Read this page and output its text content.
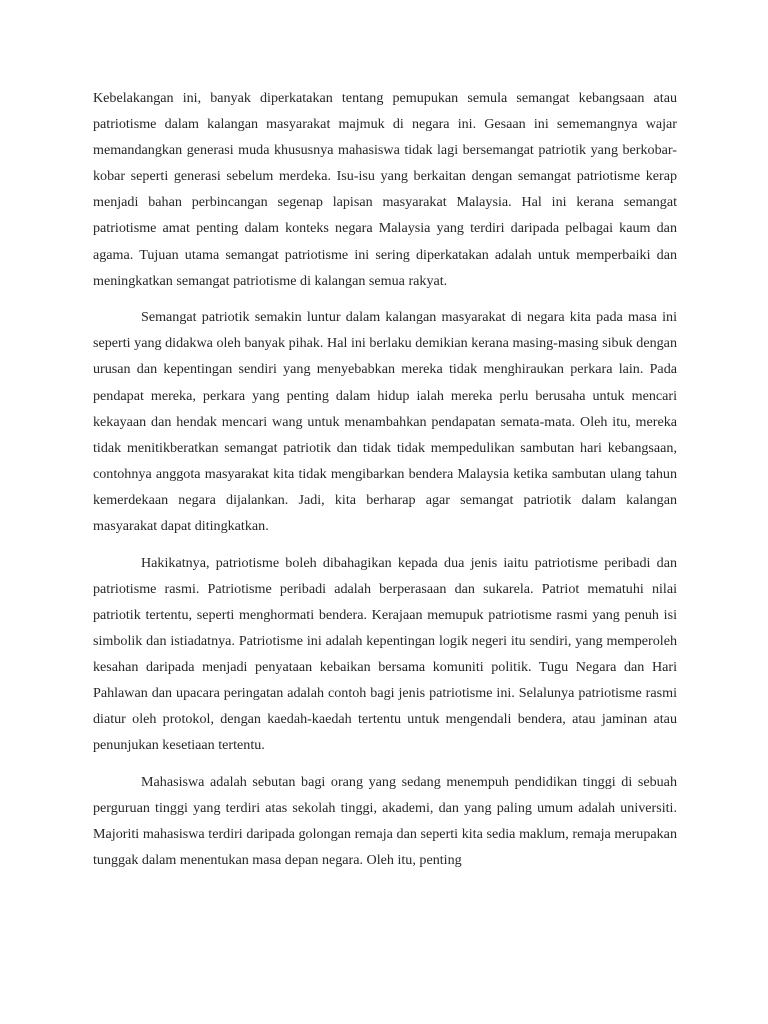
Kebelakangan ini, banyak diperkatakan tentang pemupukan semula semangat kebangsaan atau patriotisme dalam kalangan masyarakat majmuk di negara ini. Gesaan ini sememangnya wajar memandangkan generasi muda khususnya mahasiswa tidak lagi bersemangat patriotik yang berkobar-kobar seperti generasi sebelum merdeka. Isu-isu yang berkaitan dengan semangat patriotisme kerap menjadi bahan perbincangan segenap lapisan masyarakat Malaysia. Hal ini kerana semangat patriotisme amat penting dalam konteks negara Malaysia yang terdiri daripada pelbagai kaum dan agama. Tujuan utama semangat patriotisme ini sering diperkatakan adalah untuk memperbaiki dan meningkatkan semangat patriotisme di kalangan semua rakyat.

Semangat patriotik semakin luntur dalam kalangan masyarakat di negara kita pada masa ini seperti yang didakwa oleh banyak pihak. Hal ini berlaku demikian kerana masing-masing sibuk dengan urusan dan kepentingan sendiri yang menyebabkan mereka tidak menghiraukan perkara lain. Pada pendapat mereka, perkara yang penting dalam hidup ialah mereka perlu berusaha untuk mencari kekayaan dan hendak mencari wang untuk menambahkan pendapatan semata-mata. Oleh itu, mereka tidak menitikberatkan semangat patriotik dan tidak tidak mempedulikan sambutan hari kebangsaan, contohnya anggota masyarakat kita tidak mengibarkan bendera Malaysia ketika sambutan ulang tahun kemerdekaan negara dijalankan. Jadi, kita berharap agar semangat patriotik dalam kalangan masyarakat dapat ditingkatkan.

Hakikatnya, patriotisme boleh dibahagikan kepada dua jenis iaitu patriotisme peribadi dan patriotisme rasmi. Patriotisme peribadi adalah berperasaan dan sukarela. Patriot mematuhi nilai patriotik tertentu, seperti menghormati bendera. Kerajaan memupuk patriotisme rasmi yang penuh isi simbolik dan istiadatnya. Patriotisme ini adalah kepentingan logik negeri itu sendiri, yang memperoleh kesahan daripada menjadi penyataan kebaikan bersama komuniti politik. Tugu Negara dan Hari Pahlawan dan upacara peringatan adalah contoh bagi jenis patriotisme ini. Selalunya patriotisme rasmi diatur oleh protokol, dengan kaedah-kaedah tertentu untuk mengendali bendera, atau jaminan atau penunjukan kesetiaan tertentu.

Mahasiswa adalah sebutan bagi orang yang sedang menempuh pendidikan tinggi di sebuah perguruan tinggi yang terdiri atas sekolah tinggi, akademi, dan yang paling umum adalah universiti. Majoriti mahasiswa terdiri daripada golongan remaja dan seperti kita sedia maklum, remaja merupakan tunggak dalam menentukan masa depan negara. Oleh itu, penting
